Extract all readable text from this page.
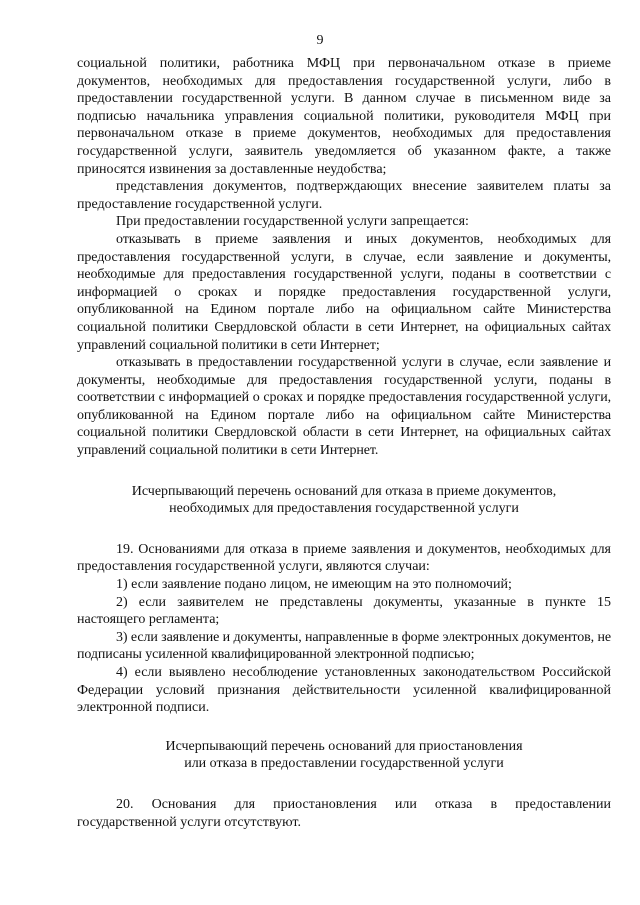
9

социальной политики, работника МФЦ при первоначальном отказе в приеме документов, необходимых для предоставления государственной услуги, либо в предоставлении государственной услуги. В данном случае в письменном виде за подписью начальника управления социальной политики, руководителя МФЦ при первоначальном отказе в приеме документов, необходимых для предоставления государственной услуги, заявитель уведомляется об указанном факте, а также приносятся извинения за доставленные неудобства;

представления документов, подтверждающих внесение заявителем платы за предоставление государственной услуги.

При предоставлении государственной услуги запрещается:

отказывать в приеме заявления и иных документов, необходимых для предоставления государственной услуги, в случае, если заявление и документы, необходимые для предоставления государственной услуги, поданы в соответствии с информацией о сроках и порядке предоставления государственной услуги, опубликованной на Едином портале либо на официальном сайте Министерства социальной политики Свердловской области в сети Интернет, на официальных сайтах управлений социальной политики в сети Интернет;

отказывать в предоставлении государственной услуги в случае, если заявление и документы, необходимые для предоставления государственной услуги, поданы в соответствии с информацией о сроках и порядке предоставления государственной услуги, опубликованной на Едином портале либо на официальном сайте Министерства социальной политики Свердловской области в сети Интернет, на официальных сайтах управлений социальной политики в сети Интернет.

Исчерпывающий перечень оснований для отказа в приеме документов,
необходимых для предоставления государственной услуги

19. Основаниями для отказа в приеме заявления и документов, необходимых для предоставления государственной услуги, являются случаи:

1) если заявление подано лицом, не имеющим на это полномочий;

2) если заявителем не представлены документы, указанные в пункте 15 настоящего регламента;

3) если заявление и документы, направленные в форме электронных документов, не подписаны усиленной квалифицированной электронной подписью;

4) если выявлено несоблюдение установленных законодательством Российской Федерации условий признания действительности усиленной квалифицированной электронной подписи.

Исчерпывающий перечень оснований для приостановления
или отказа в предоставлении государственной услуги

20. Основания для приостановления или отказа в предоставлении государственной услуги отсутствуют.
